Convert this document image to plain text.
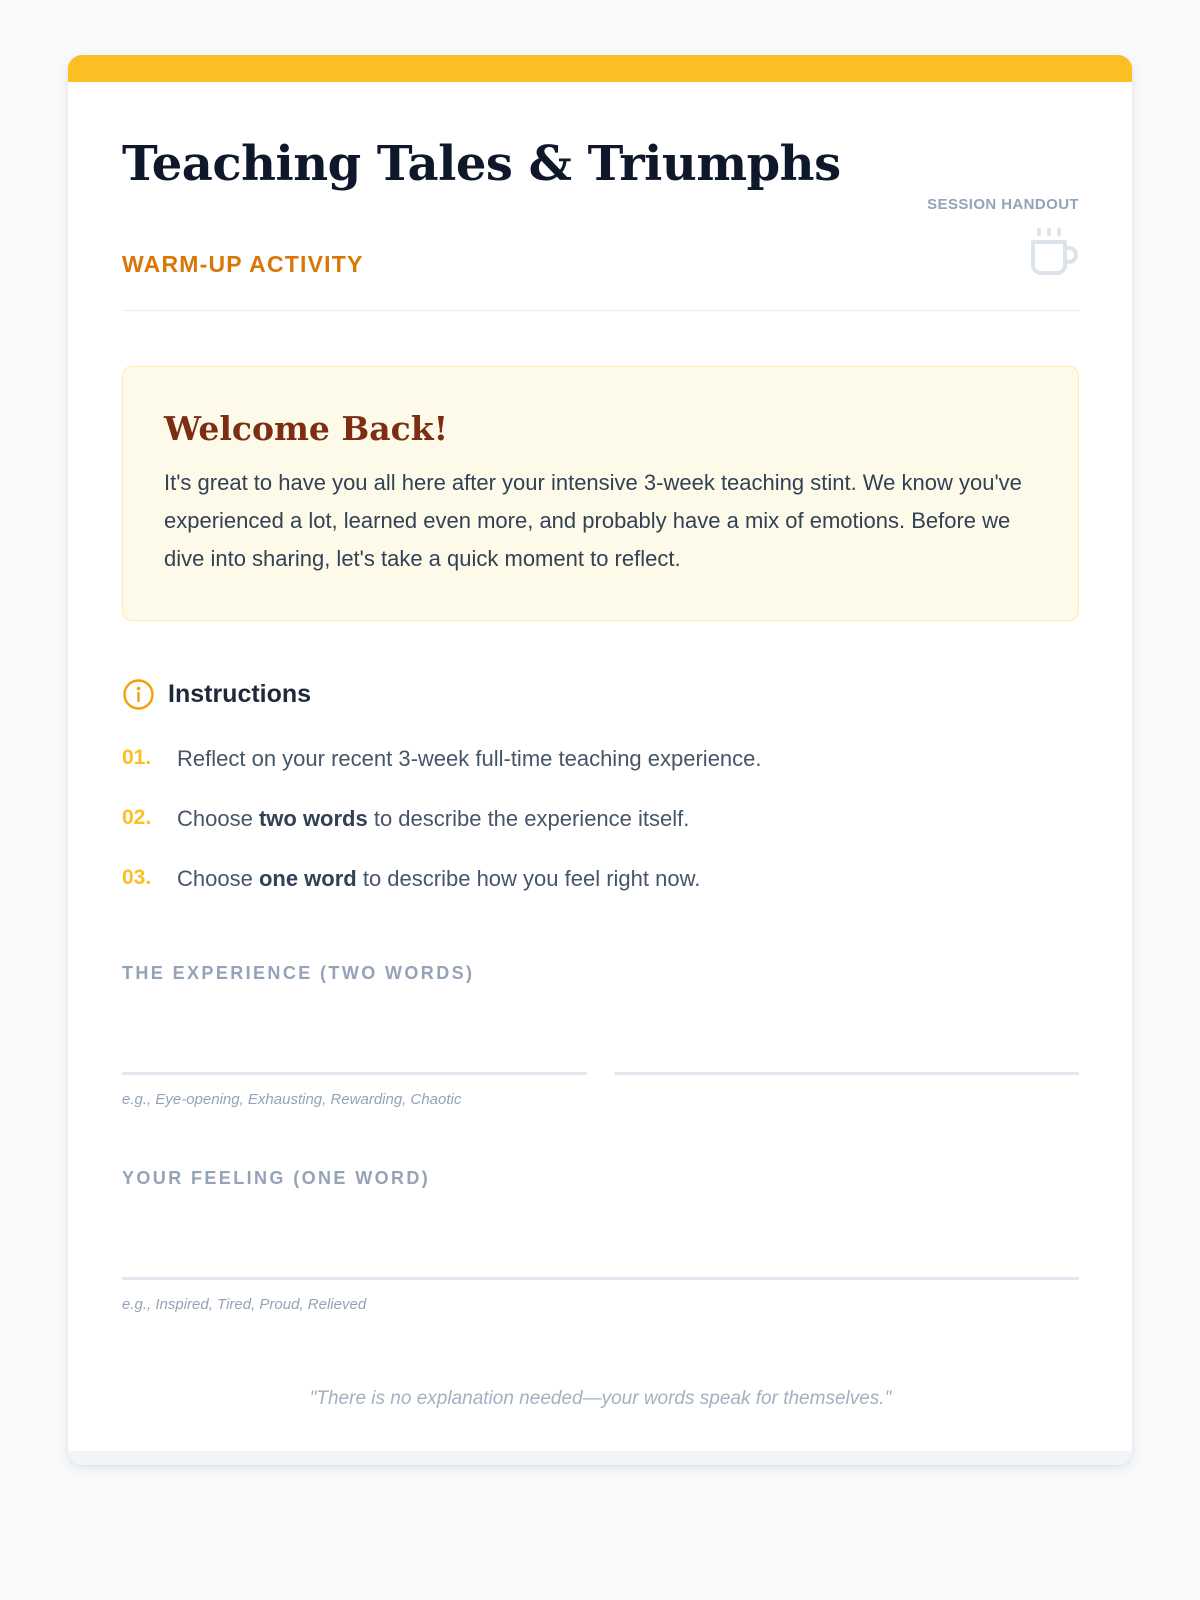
Teaching Tales & Triumphs
WARM-UP ACTIVITY
SESSION HANDOUT
Welcome Back!

It's great to have you all here after your intensive 3-week teaching stint. We know you've experienced a lot, learned even more, and probably have a mix of emotions. Before we dive into sharing, let's take a quick moment to reflect.

Instructions
01. Reflect on your recent 3-week full-time teaching experience.
02. Choose two words to describe the experience itself.
03. Choose one word to describe how you feel right now.
THE EXPERIENCE (TWO WORDS)
e.g., Eye-opening, Exhausting, Rewarding, Chaotic
YOUR FEELING (ONE WORD)
e.g., Inspired, Tired, Proud, Relieved
"There is no explanation needed—your words speak for themselves."
